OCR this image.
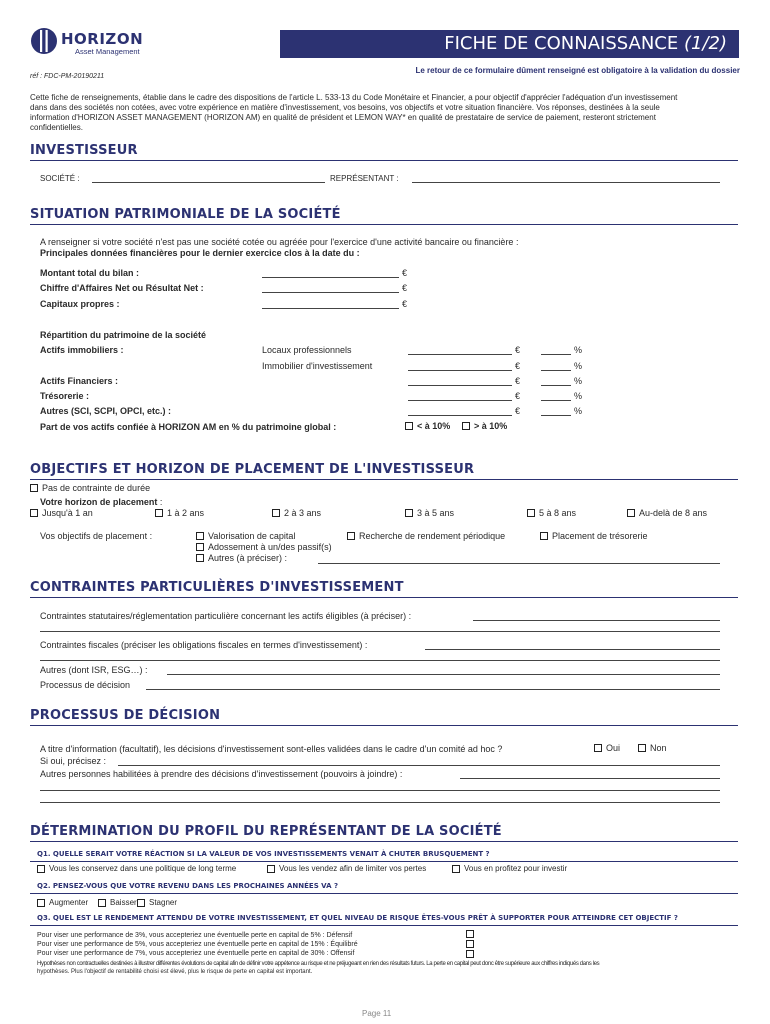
HORIZON
Asset Management	FICHE DE CONNAISSANCE (1/2)
Le retour de ce formulaire dûment renseigné est obligatoire à la validation du dossier
réf : FDC-PM-20190211
Cette fiche de renseignements, établie dans le cadre des dispositions de l'article L. 533-13 du Code Monétaire et Financier, a pour objectif d'apprécier l'adéquation d'un investissement
dans dans des sociétés non cotées, avec votre expérience en matière d'investissement, vos besoins, vos objectifs et votre situation financière. Vos réponses, destinées à la seule
information d'HORIZON ASSET MANAGEMENT (HORIZON AM) en qualité de président et LEMON WAY* en qualité de prestataire de service de paiement, resteront strictement
confidentielles.
INVESTISSEUR
SOCIÉTÉ :	REPRÉSENTANT :
SITUATION PATRIMONIALE DE LA SOCIÉTÉ
A renseigner si votre société n'est pas une société cotée ou agréée pour l'exercice d'une activité bancaire ou financière :
Principales données financières pour le dernier exercice clos à la date du :
Montant total du bilan :	€
Chiffre d'Affaires Net ou Résultat Net :	€
Capitaux propres :	€
Répartition du patrimoine de la société
Actifs immobiliers :	Locaux professionnels	€	%
Immobilier d'investissement	€	%
Actifs Financiers :	€	%
Trésorerie :	€	%
Autres (SCI, SCPI, OPCI, etc.) :	€	%
Part de vos actifs confiée à HORIZON AM en % du patrimoine global :	< à 10%	> à 10%
OBJECTIFS ET HORIZON DE PLACEMENT DE L'INVESTISSEUR
Pas de contrainte de durée
Votre horizon de placement :
Jusqu'à 1 an	1 à 2 ans	2 à 3 ans	3 à 5 ans	5 à 8 ans	Au-delà de 8 ans
Vos objectifs de placement :	Valorisation de capital	Recherche de rendement périodique	Placement de trésorerie
Adossement à un/des passif(s)
Autres (à préciser) :
CONTRAINTES PARTICULIÈRES D'INVESTISSEMENT
Contraintes statutaires/réglementation particulière concernant les actifs éligibles (à préciser) :
Contraintes fiscales (préciser les obligations fiscales en termes d'investissement) :
Autres (dont ISR, ESG…) :
Processus de décision
PROCESSUS DE DÉCISION
A titre d'information (facultatif), les décisions d'investissement sont-elles validées dans le cadre d'un comité ad hoc ?	Oui	Non
Si oui, précisez :
Autres personnes habilitées à prendre des décisions d'investissement (pouvoirs à joindre) :
DÉTERMINATION DU PROFIL DU REPRÉSENTANT DE LA SOCIÉTÉ
Q1. QUELLE SERAIT VOTRE RÉACTION SI LA VALEUR DE VOS INVESTISSEMENTS VENAIT À CHUTER BRUSQUEMENT ?
Vous les conservez dans une politique de long terme	Vous les vendez afin de limiter vos pertes	Vous en profitez pour investir
Q2. PENSEZ-VOUS QUE VOTRE REVENU DANS LES PROCHAINES ANNÉES VA ?
Augmenter	Baisser Stagner
Q3. QUEL EST LE RENDEMENT ATTENDU DE VOTRE INVESTISSEMENT, ET QUEL NIVEAU DE RISQUE ÊTES-VOUS PRÊT À SUPPORTER POUR ATTEINDRE CET OBJECTIF ?
Pour viser une performance de 3%, vous accepteriez une éventuelle perte en capital de 5% : Défensif
Pour viser une performance de 5%, vous accepteriez une éventuelle perte en capital de 15% : Équilibré
Pour viser une performance de 7%, vous accepteriez une éventuelle perte en capital de 30% : Offensif
Hypothèses non contractuelles destinées à illustrer différentes évolutions de capital afin de définir votre appétence au risque et ne préjugeant en rien des résultats futurs. La perte en capital peut donc être supérieure aux chiffres indiqués dans les
hypothèses. Plus l'objectif de rentabilité choisi est élevé, plus le risque de perte en capital est important.
Page 11
